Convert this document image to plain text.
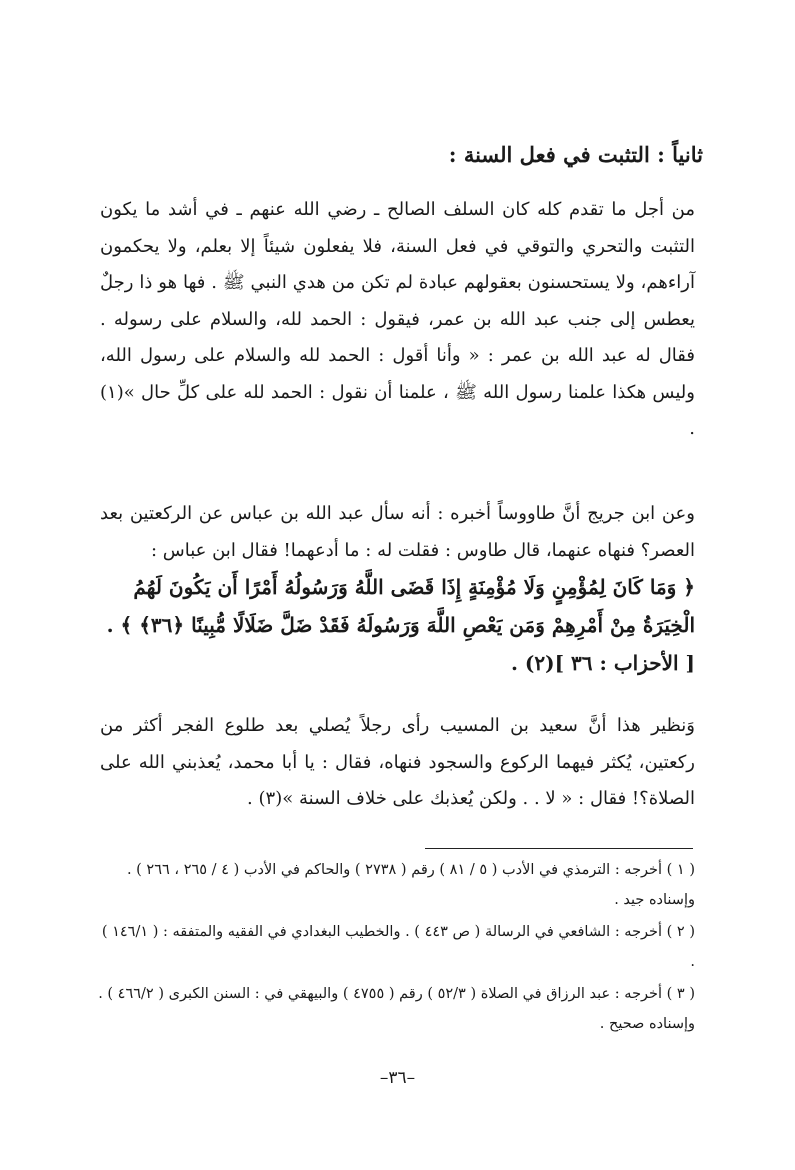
ثانياً : التثبت في فعل السنة :
من أجل ما تقدم كله كان السلف الصالح ـ رضي الله عنهم ـ في أشد ما يكون التثبت والتحري والتوقي في فعل السنة، فلا يفعلون شيئاً إلا بعلم، ولا يحكمون آراءهم، ولا يستحسنون بعقولهم عبادة لم تكن من هدي النبي ﷺ . فها هو ذا رجلٌ يعطس إلى جنب عبد الله بن عمر، فيقول : الحمد لله، والسلام على رسوله . فقال له عبد الله بن عمر : « وأنا أقول : الحمد لله والسلام على رسول الله، وليس هكذا علمنا رسول الله ﷺ ، علمنا أن نقول : الحمد لله على كلِّ حال »(١) .
وعن ابن جريج أنَّ طاووساً أخبره : أنه سأل عبد الله بن عباس عن الركعتين بعد العصر؟ فنهاه عنهما، قال طاوس : فقلت له : ما أدعهما! فقال ابن عباس :
﴿ وَمَا كَانَ لِمُؤْمِنٍ وَلَا مُؤْمِنَةٍ إِذَا قَضَى اللَّهُ وَرَسُولُهُ أَمْرًا أَن يَكُونَ لَهُمُ الْخِيَرَةُ مِنْ أَمْرِهِمْ وَمَن يَعْصِ اللَّهَ وَرَسُولَهُ فَقَدْ ضَلَّ ضَلَالًا مُّبِينًا ﴿٣٦﴾ ﴾ . [ الأحزاب : ٣٦ ](٢) .
وَنظير هذا أنَّ سعيد بن المسيب رأى رجلاً يُصلي بعد طلوع الفجر أكثر من ركعتين، يُكثر فيهما الركوع والسجود فنهاه، فقال : يا أبا محمد، يُعذبني الله على الصلاة؟! فقال : « لا . . ولكن يُعذبك على خلاف السنة »(٣) .
( ١ ) أخرجه : الترمذي في الأدب ( ٥ / ٨١ ) رقم ( ٢٧٣٨ ) والحاكم في الأدب ( ٤ / ٢٦٥ ، ٢٦٦ ) . وإسناده جيد .
( ٢ ) أخرجه : الشافعي في الرسالة ( ص ٤٤٣ ) . والخطيب البغدادي في الفقيه والمتفقه : ( ١٤٦/١ ) .
( ٣ ) أخرجه : عبد الرزاق في الصلاة ( ٥٢/٣ ) رقم ( ٤٧٥٥ ) والبيهقي في : السنن الكبرى ( ٤٦٦/٢ ) . وإسناده صحيح .
–٣٦–
